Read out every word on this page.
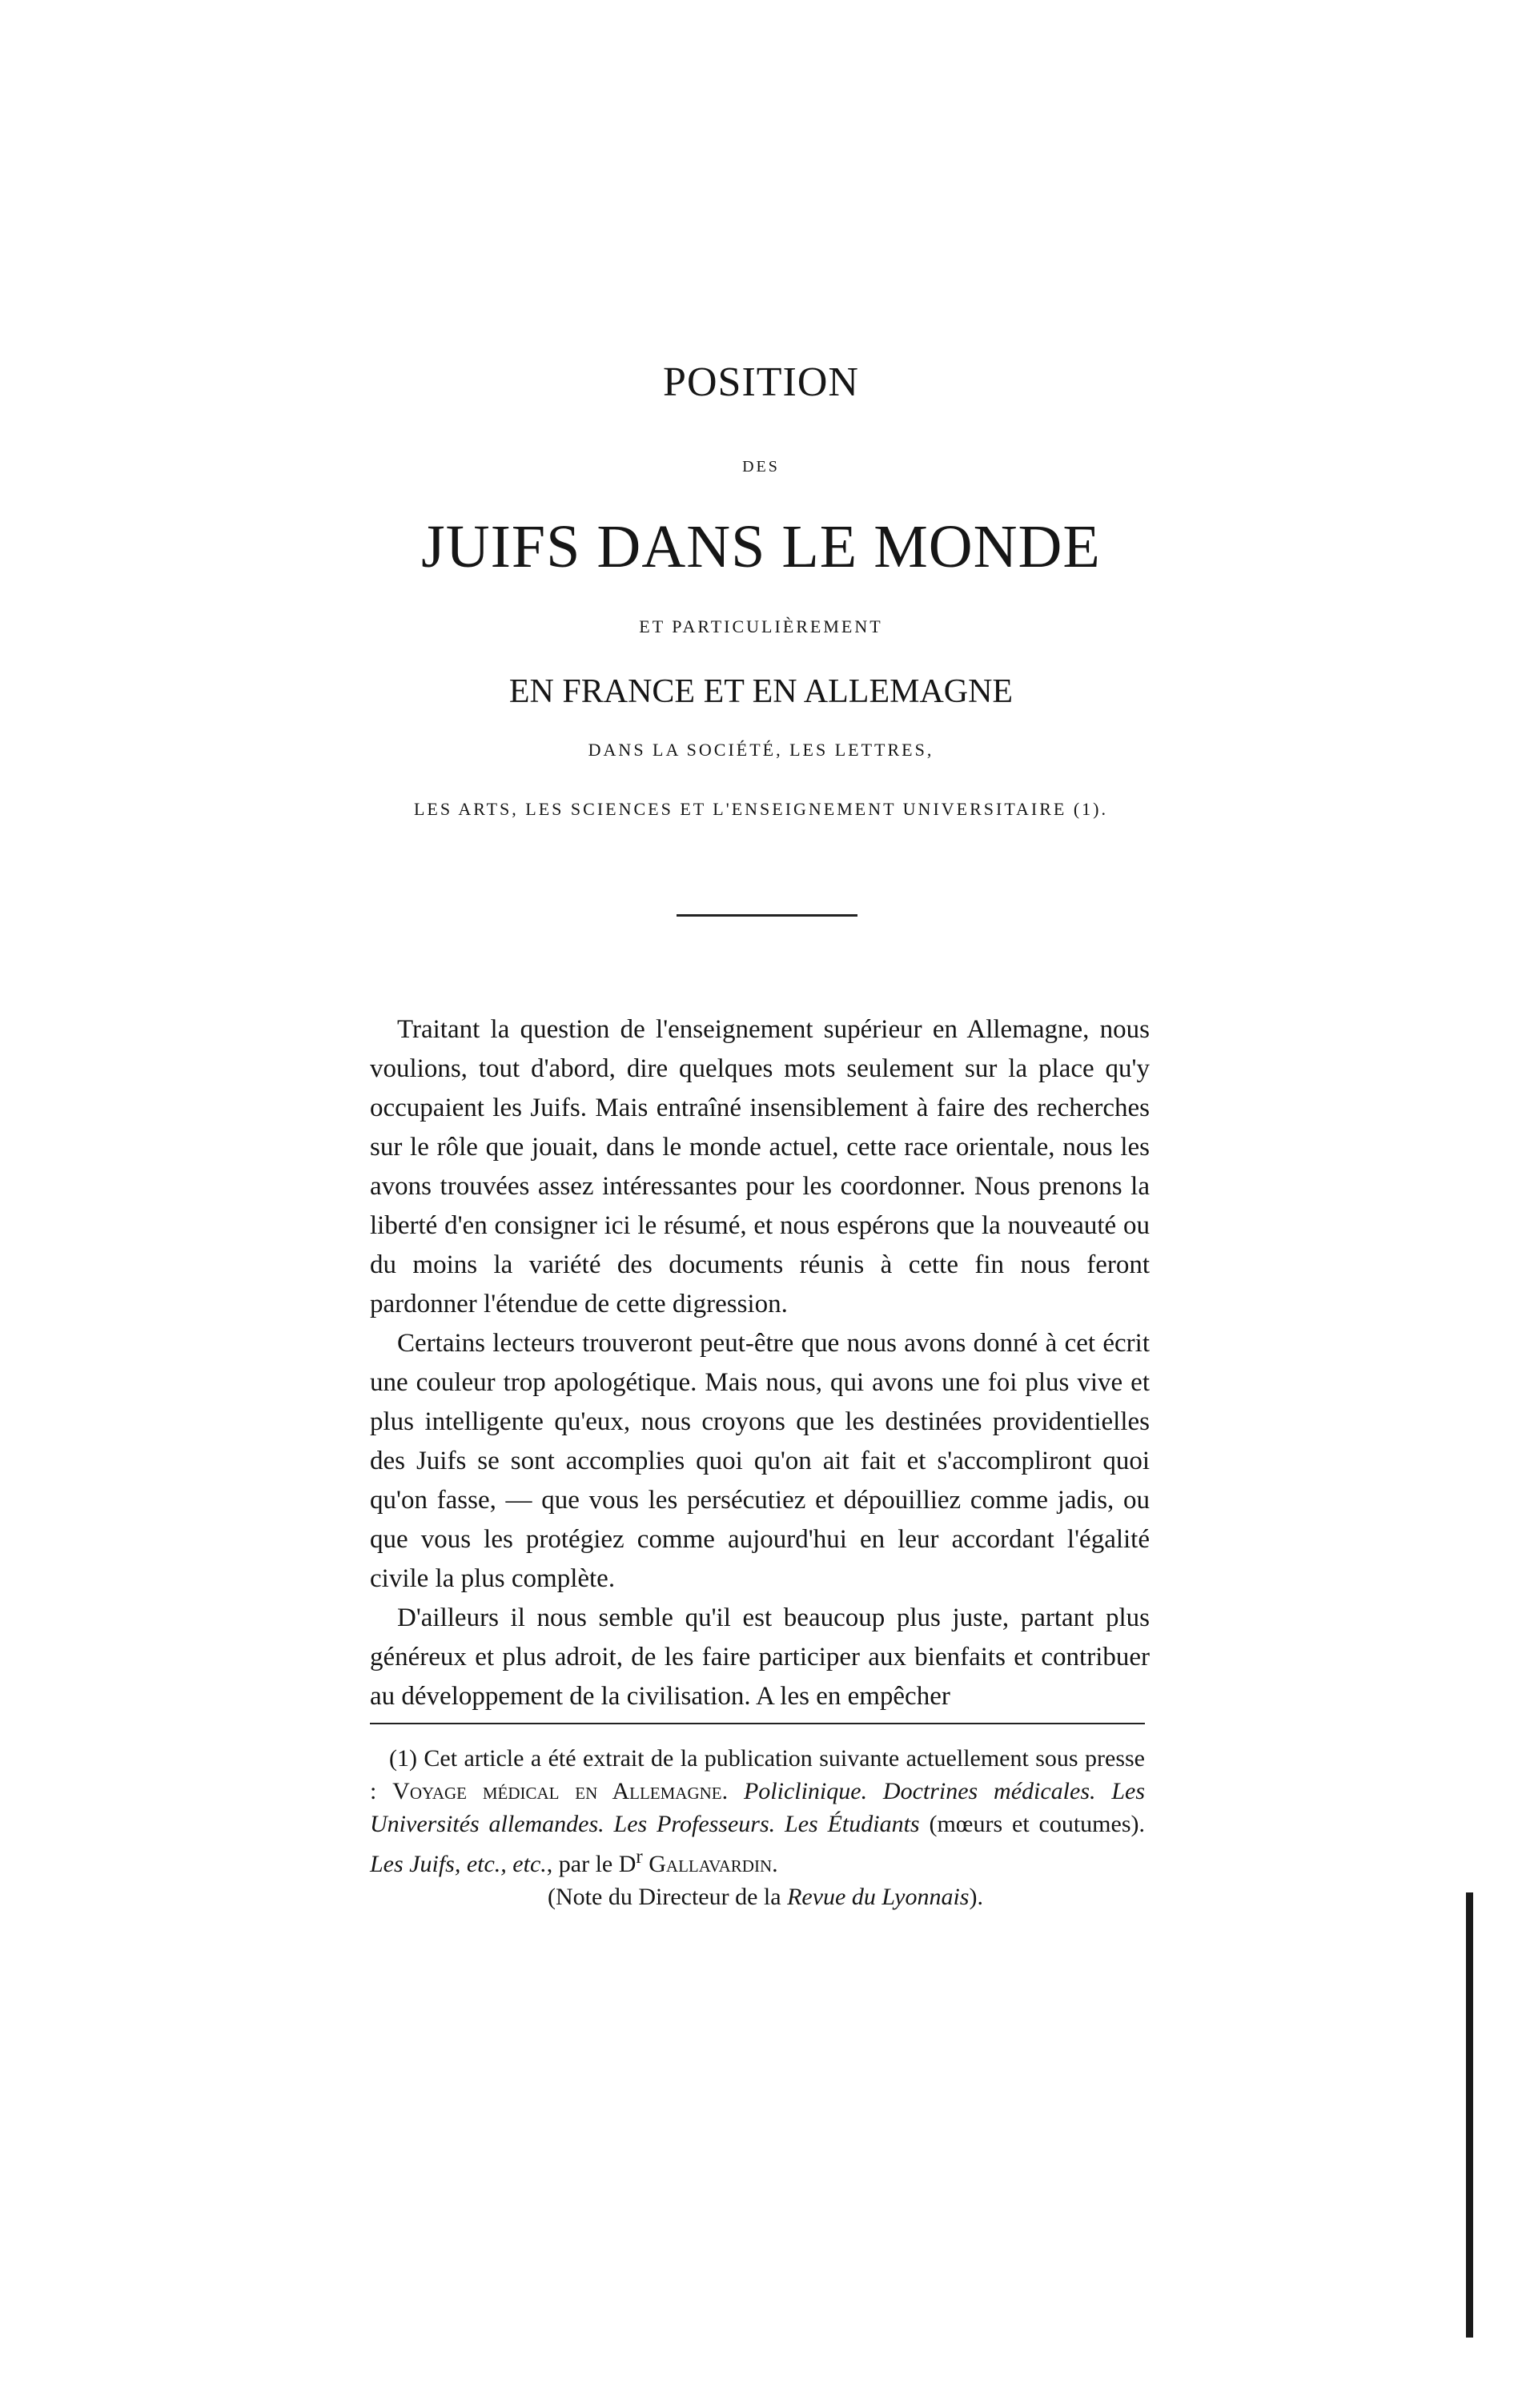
POSITION
DES
JUIFS DANS LE MONDE
ET PARTICULIÈREMENT
EN FRANCE ET EN ALLEMAGNE
DANS LA SOCIÉTÉ, LES LETTRES,
LES ARTS, LES SCIENCES ET L'ENSEIGNEMENT UNIVERSITAIRE (1).

Traitant la question de l'enseignement supérieur en Allemagne, nous voulions, tout d'abord, dire quelques mots seulement sur la place qu'y occupaient les Juifs. Mais entraîné insensiblement à faire des recherches sur le rôle que jouait, dans le monde actuel, cette race orientale, nous les avons trouvées assez intéressantes pour les coordonner. Nous prenons la liberté d'en consigner ici le résumé, et nous espérons que la nouveauté ou du moins la variété des documents réunis à cette fin nous feront pardonner l'étendue de cette digression.

Certains lecteurs trouveront peut-être que nous avons donné à cet écrit une couleur trop apologétique. Mais nous, qui avons une foi plus vive et plus intelligente qu'eux, nous croyons que les destinées providentielles des Juifs se sont accomplies quoi qu'on ait fait et s'accompliront quoi qu'on fasse, — que vous les persécutiez et dépouilliez comme jadis, ou que vous les protégiez comme aujourd'hui en leur accordant l'égalité civile la plus complète.

D'ailleurs il nous semble qu'il est beaucoup plus juste, partant plus généreux et plus adroit, de les faire participer aux bienfaits et contribuer au développement de la civilisation. A les en empêcher

(1) Cet article a été extrait de la publication suivante actuellement sous presse : Voyage médical en Allemagne. Policlinique. Doctrines médicales. Les Universités allemandes. Les Professeurs. Les Étudiants (mœurs et coutumes). Les Juifs, etc., etc., par le $D^r$ Gallavardin.

(Note du Directeur de la Revue du Lyonnais).
